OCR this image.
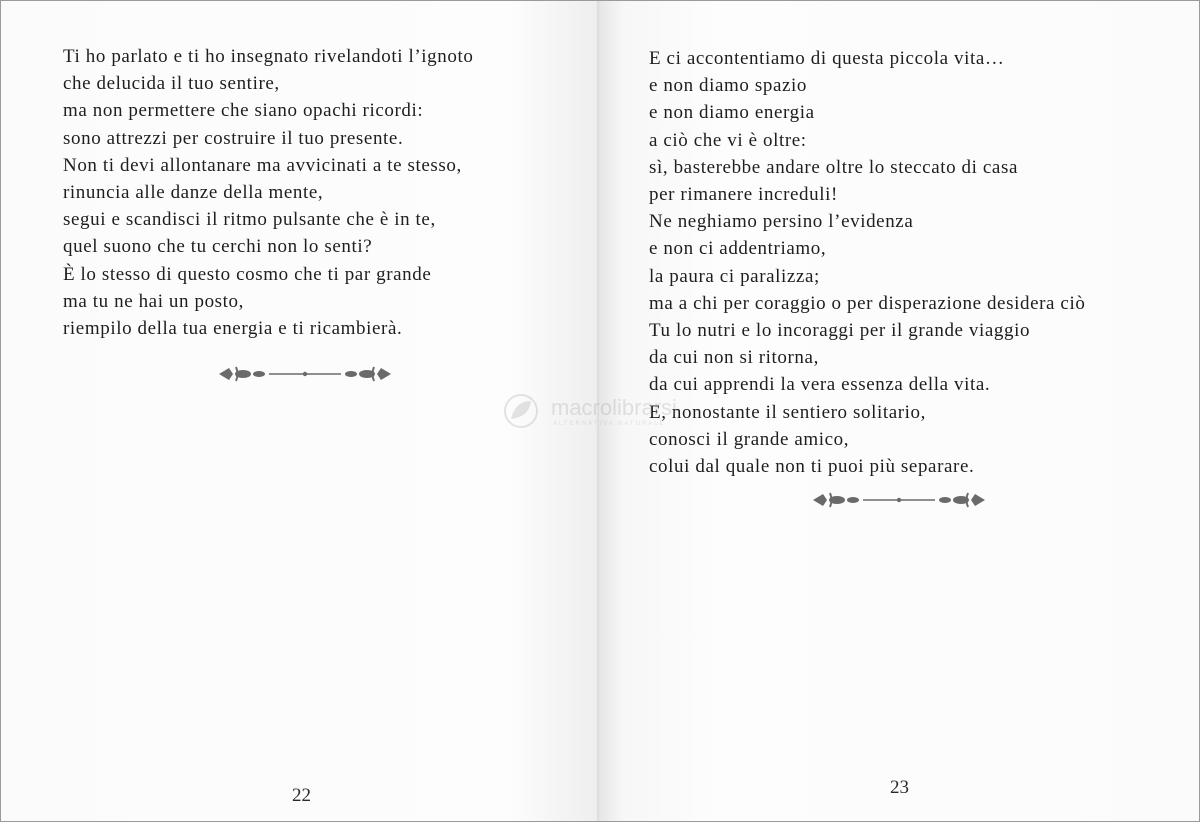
Ti ho parlato e ti ho insegnato rivelandoti l’ignoto
che delucida il tuo sentire,
ma non permettere che siano opachi ricordi:
sono attrezzi per costruire il tuo presente.
Non ti devi allontanare ma avvicinati a te stesso,
rinuncia alle danze della mente,
segui e scandisci il ritmo pulsante che è in te,
quel suono che tu cerchi non lo senti?
È lo stesso di questo cosmo che ti par grande
ma tu ne hai un posto,
riempilo della tua energia e ti ricambierà.
22
E ci accontentiamo di questa piccola vita…
e non diamo spazio
e non diamo energia
a ciò che vi è oltre:
sì, basterebbe andare oltre lo steccato di casa
per rimanere increduli!
Ne neghiamo persino l’evidenza
e non ci addentriamo,
la paura ci paralizza;
ma a chi per coraggio o per disperazione desidera ciò
Tu lo nutri e lo incoraggi per il grande viaggio
da cui non si ritorna,
da cui apprendi la vera essenza della vita.
E, nonostante il sentiero solitario,
conosci il grande amico,
colui dal quale non ti puoi più separare.
23
macrolibrarsi
ALTERNATIVA NATURALE
